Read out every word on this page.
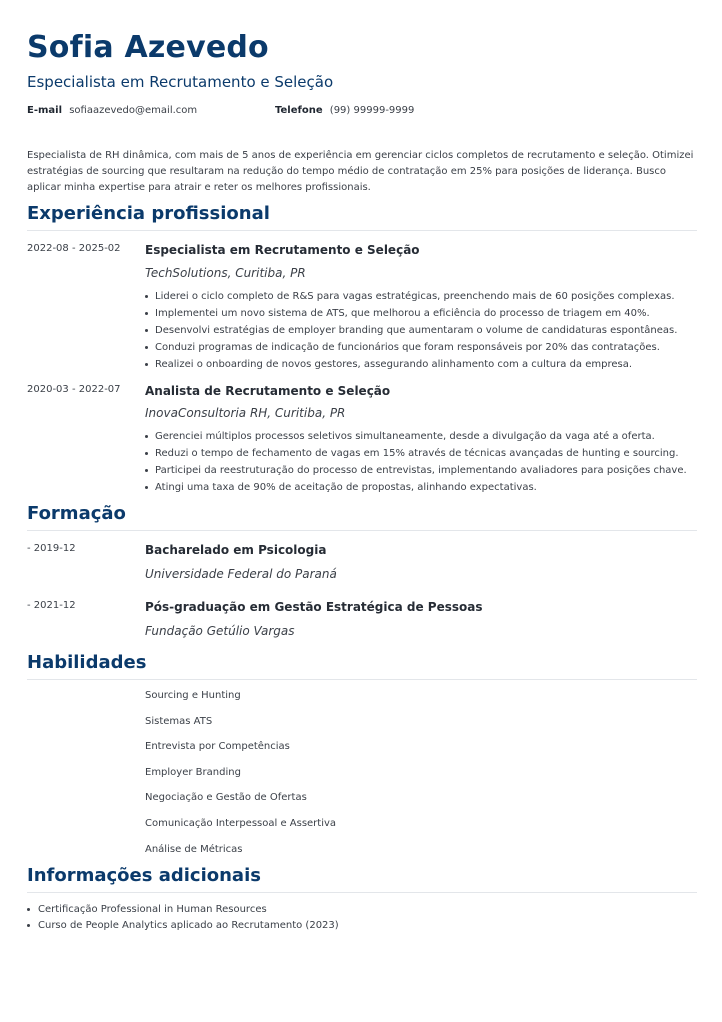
Sofia Azevedo
Especialista em Recrutamento e Seleção
E-mail sofiaazevedo@email.com	Telefone (99) 99999-9999

Especialista de RH dinâmica, com mais de 5 anos de experiência em gerenciar ciclos completos de recrutamento e seleção. Otimizei estratégias de sourcing que resultaram na redução do tempo médio de contratação em 25% para posições de liderança. Busco aplicar minha expertise para atrair e reter os melhores profissionais.

Experiência profissional
2022-08 - 2025-02 Especialista em Recrutamento e Seleção
TechSolutions, Curitiba, PR
Liderei o ciclo completo de R&S para vagas estratégicas, preenchendo mais de 60 posições complexas.
Implementei um novo sistema de ATS, que melhorou a eficiência do processo de triagem em 40%.
Desenvolvi estratégias de employer branding que aumentaram o volume de candidaturas espontâneas.
Conduzi programas de indicação de funcionários que foram responsáveis por 20% das contratações.
Realizei o onboarding de novos gestores, assegurando alinhamento com a cultura da empresa.
2020-03 - 2022-07 Analista de Recrutamento e Seleção
InovaConsultoria RH, Curitiba, PR
Gerenciei múltiplos processos seletivos simultaneamente, desde a divulgação da vaga até a oferta.
Reduzi o tempo de fechamento de vagas em 15% através de técnicas avançadas de hunting e sourcing.
Participei da reestruturação do processo de entrevistas, implementando avaliadores para posições chave.
Atingi uma taxa de 90% de aceitação de propostas, alinhando expectativas.
Formação
- 2019-12	Bacharelado em Psicologia
Universidade Federal do Paraná
- 2021-12	Pós-graduação em Gestão Estratégica de Pessoas
Fundação Getúlio Vargas
Habilidades
Sourcing e Hunting
Sistemas ATS
Entrevista por Competências
Employer Branding
Negociação e Gestão de Ofertas
Comunicação Interpessoal e Assertiva
Análise de Métricas
Informações adicionais
Certificação Professional in Human Resources
Curso de People Analytics aplicado ao Recrutamento (2023)
